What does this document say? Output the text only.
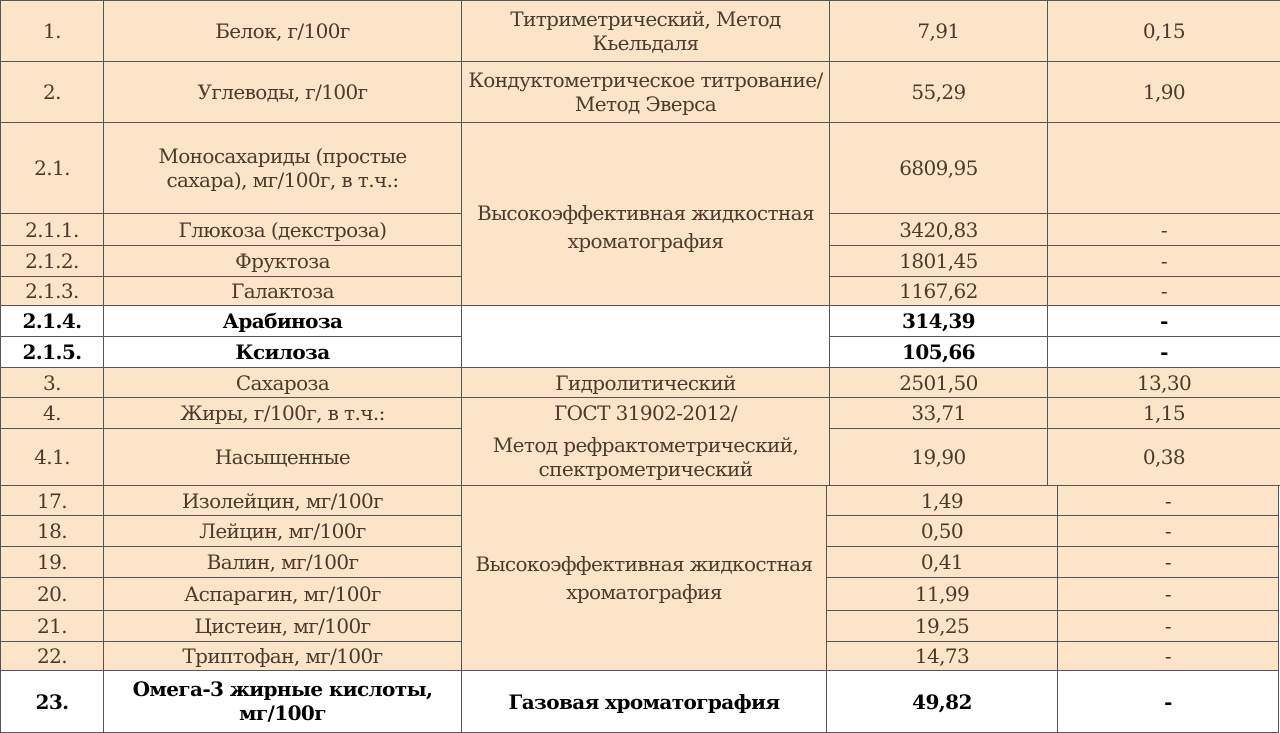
1.	Белок, г/100г	Титриметрический, Метод Кьельдаля	7,91	0,15
2.	Углеводы, г/100г	Кондуктометрическое титрование/Метод Эверса	55,29	1,90
2.1.	Моносахариды (простые сахара), мг/100г, в т.ч.:	Высокоэффективная жидкостная хроматография	6809,95	
2.1.1.	Глюкоза (декстроза)		3420,83	-
2.1.2.	Фруктоза		1801,45	-
2.1.3.	Галактоза		1167,62	-
2.1.4.	Арабиноза		314,39	-
2.1.5.	Ксилоза		105,66	-
3.	Сахароза	Гидролитический	2501,50	13,30
4.	Жиры, г/100г, в т.ч.:	ГОСТ 31902-2012/	33,71	1,15
4.1.	Насыщенные	Метод рефрактометрический, спектрометрический	19,90	0,38
17.	Изолейцин, мг/100г	Высокоэффективная жидкостная хроматография	1,49	-
18.	Лейцин, мг/100г		0,50	-
19.	Валин, мг/100г		0,41	-
20.	Аспарагин, мг/100г		11,99	-
21.	Цистеин, мг/100г		19,25	-
22.	Триптофан, мг/100г		14,73	-
23.	Омега-3 жирные кислоты, мг/100г	Газовая хроматография	49,82	-
